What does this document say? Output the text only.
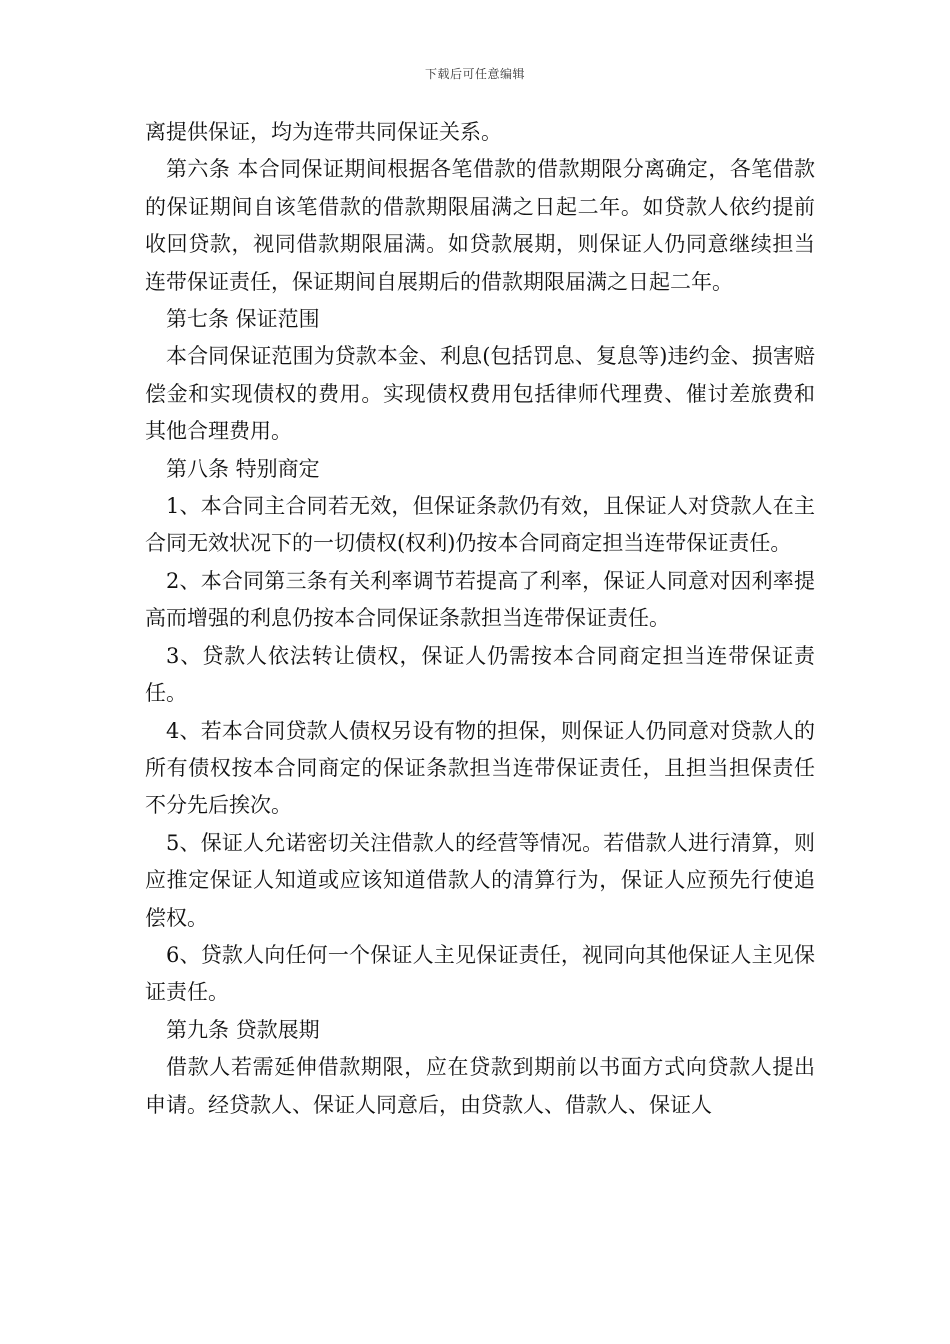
下载后可任意编辑

离提供保证，均为连带共同保证关系。

第六条 本合同保证期间根据各笔借款的借款期限分离确定，各笔借款的保证期间自该笔借款的借款期限届满之日起二年。如贷款人依约提前收回贷款，视同借款期限届满。如贷款展期，则保证人仍同意继续担当连带保证责任，保证期间自展期后的借款期限届满之日起二年。

第七条 保证范围

本合同保证范围为贷款本金、利息(包括罚息、复息等)违约金、损害赔偿金和实现债权的费用。实现债权费用包括律师代理费、催讨差旅费和其他合理费用。

第八条 特别商定

1、本合同主合同若无效，但保证条款仍有效，且保证人对贷款人在主合同无效状况下的一切债权(权利)仍按本合同商定担当连带保证责任。

2、本合同第三条有关利率调节若提高了利率，保证人同意对因利率提高而增强的利息仍按本合同保证条款担当连带保证责任。

3、贷款人依法转让债权，保证人仍需按本合同商定担当连带保证责任。

4、若本合同贷款人债权另设有物的担保，则保证人仍同意对贷款人的所有债权按本合同商定的保证条款担当连带保证责任，且担当担保责任不分先后挨次。

5、保证人允诺密切关注借款人的经营等情况。若借款人进行清算，则应推定保证人知道或应该知道借款人的清算行为，保证人应预先行使追偿权。

6、贷款人向任何一个保证人主见保证责任，视同向其他保证人主见保证责任。

第九条 贷款展期

借款人若需延伸借款期限，应在贷款到期前以书面方式向贷款人提出申请。经贷款人、保证人同意后，由贷款人、借款人、保证人
